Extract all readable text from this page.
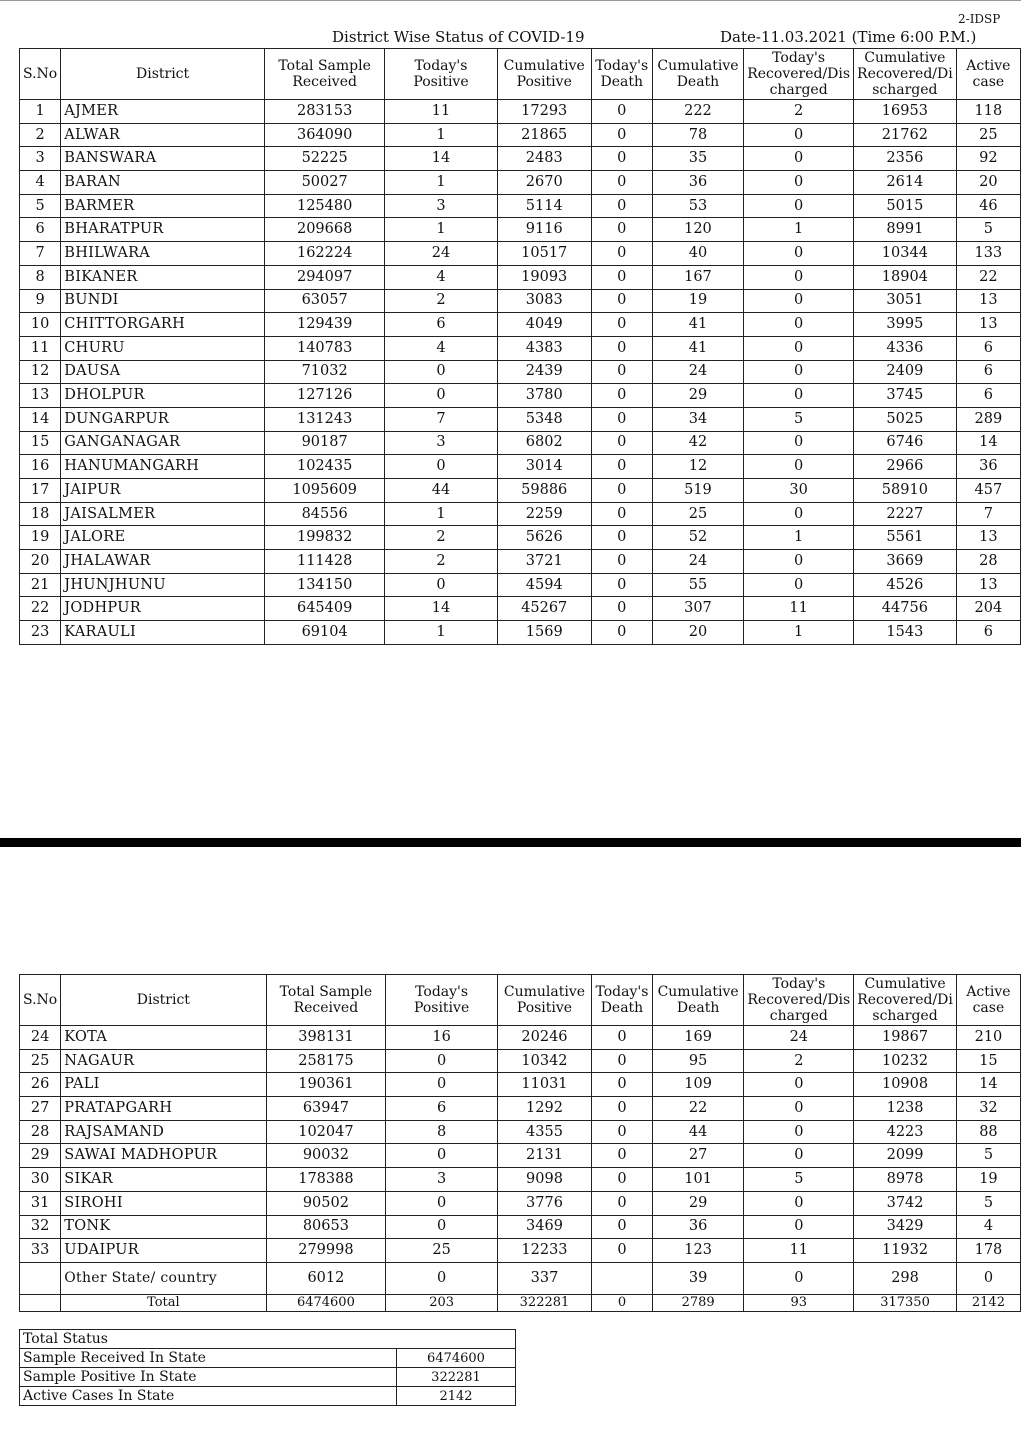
2-IDSP
District Wise Status of COVID-19	Date-11.03.2021 (Time 6:00 P.M.)
S.No	District	Total Sample Received	Today's Positive	Cumulative Positive	Today's Death	Cumulative Death	Today's Recovered/Dis charged	Cumulative Recovered/Di scharged	Active case
1	AJMER	283153	11	17293	0	222	2	16953	118
2	ALWAR	364090	1	21865	0	78	0	21762	25
3	BANSWARA	52225	14	2483	0	35	0	2356	92
4	BARAN	50027	1	2670	0	36	0	2614	20
5	BARMER	125480	3	5114	0	53	0	5015	46
6	BHARATPUR	209668	1	9116	0	120	1	8991	5
7	BHILWARA	162224	24	10517	0	40	0	10344	133
8	BIKANER	294097	4	19093	0	167	0	18904	22
9	BUNDI	63057	2	3083	0	19	0	3051	13
10	CHITTORGARH	129439	6	4049	0	41	0	3995	13
11	CHURU	140783	4	4383	0	41	0	4336	6
12	DAUSA	71032	0	2439	0	24	0	2409	6
13	DHOLPUR	127126	0	3780	0	29	0	3745	6
14	DUNGARPUR	131243	7	5348	0	34	5	5025	289
15	GANGANAGAR	90187	3	6802	0	42	0	6746	14
16	HANUMANGARH	102435	0	3014	0	12	0	2966	36
17	JAIPUR	1095609	44	59886	0	519	30	58910	457
18	JAISALMER	84556	1	2259	0	25	0	2227	7
19	JALORE	199832	2	5626	0	52	1	5561	13
20	JHALAWAR	111428	2	3721	0	24	0	3669	28
21	JHUNJHUNU	134150	0	4594	0	55	0	4526	13
22	JODHPUR	645409	14	45267	0	307	11	44756	204
23	KARAULI	69104	1	1569	0	20	1	1543	6
S.No	District	Total Sample Received	Today's Positive	Cumulative Positive	Today's Death	Cumulative Death	Today's Recovered/Dis charged	Cumulative Recovered/Di scharged	Active case
24	KOTA	398131	16	20246	0	169	24	19867	210
25	NAGAUR	258175	0	10342	0	95	2	10232	15
26	PALI	190361	0	11031	0	109	0	10908	14
27	PRATAPGARH	63947	6	1292	0	22	0	1238	32
28	RAJSAMAND	102047	8	4355	0	44	0	4223	88
29	SAWAI MADHOPUR	90032	0	2131	0	27	0	2099	5
30	SIKAR	178388	3	9098	0	101	5	8978	19
31	SIROHI	90502	0	3776	0	29	0	3742	5
32	TONK	80653	0	3469	0	36	0	3429	4
33	UDAIPUR	279998	25	12233	0	123	11	11932	178
	Other State/ country	6012	0	337		39	0	298	0
	Total	6474600	203	322281	0	2789	93	317350	2142
Total Status	
Sample Received In State	6474600
Sample Positive In State	322281
Active Cases In State	2142
